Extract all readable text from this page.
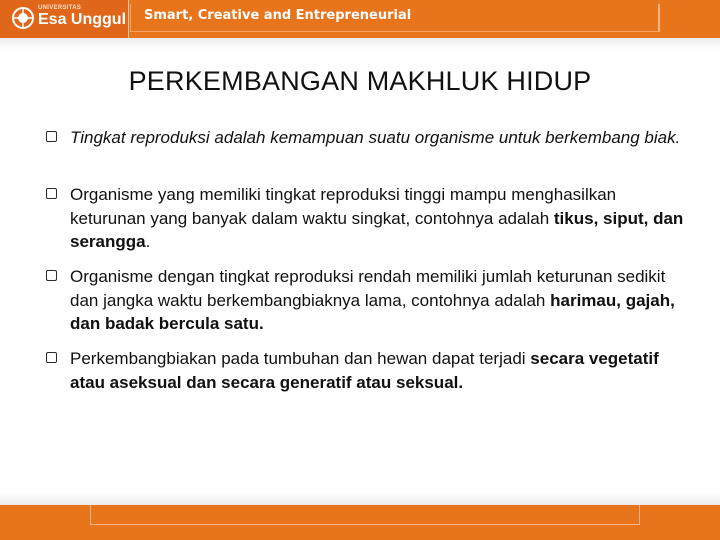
UNIVERSITAS
Esa Unggul Smart, Creative and Entrepreneurial
PERKEMBANGAN MAKHLUK HIDUP
Tingkat reproduksi adalah kemampuan suatu organisme untuk berkembang biak.
Organisme yang memiliki tingkat reproduksi tinggi mampu menghasilkan keturunan yang banyak dalam waktu singkat, contohnya adalah tikus, siput, dan serangga.
Organisme dengan tingkat reproduksi rendah memiliki jumlah keturunan sedikit dan jangka waktu berkembangbiaknya lama, contohnya adalah harimau, gajah, dan badak bercula satu.
Perkembangbiakan pada tumbuhan dan hewan dapat terjadi secara vegetatif atau aseksual dan secara generatif atau seksual.
